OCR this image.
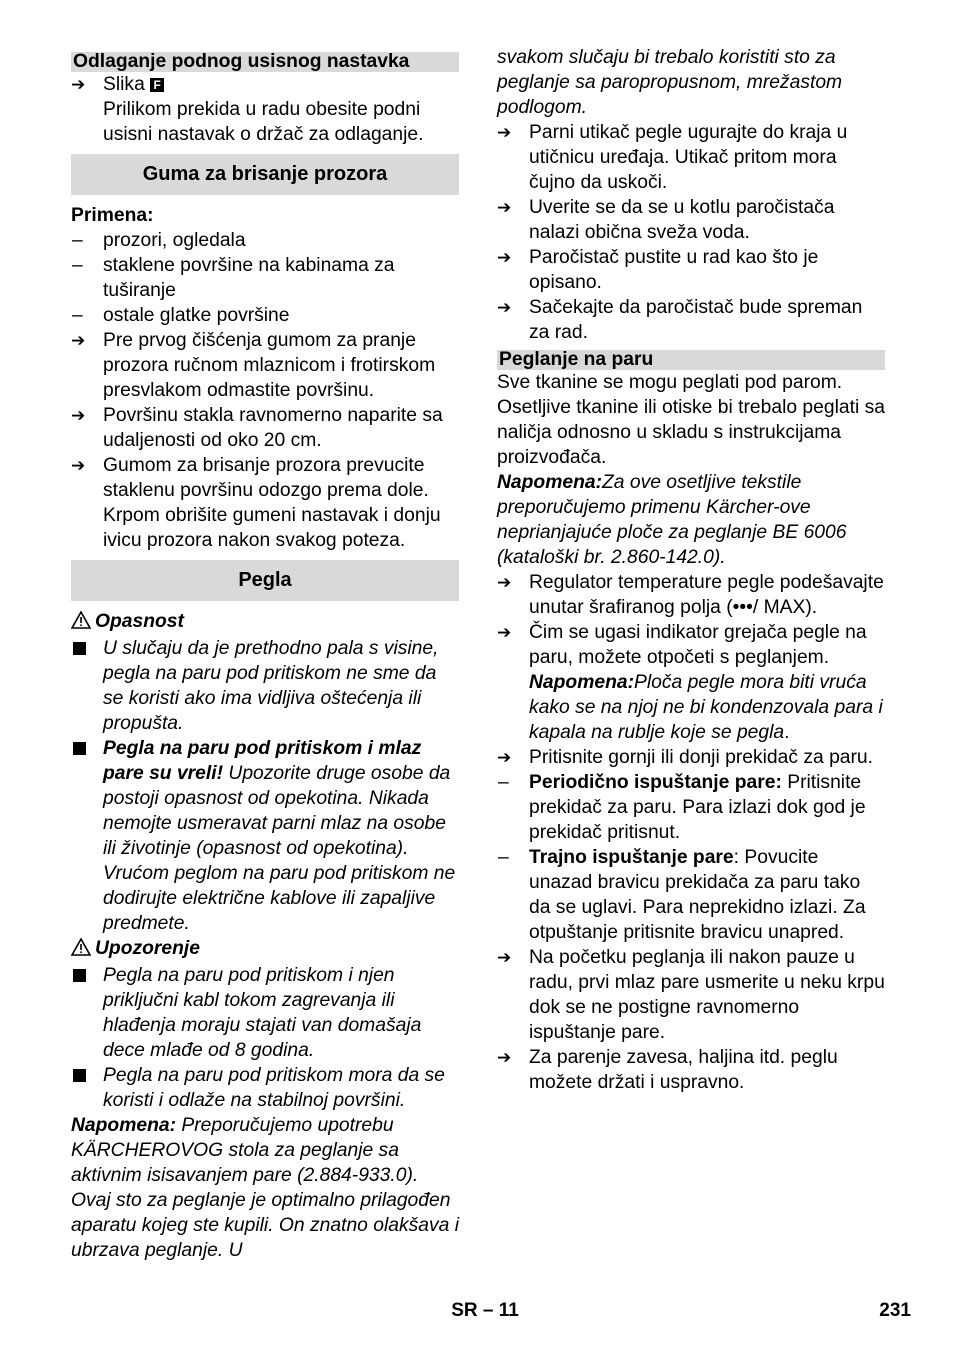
Odlaganje podnog usisnog nastavka
➔ Slika F

Prilikom prekida u radu obesite podni usisni nastavak o držač za odlaganje.

Guma za brisanje prozora

Primena:

–	prozori, ogledala
–	staklene površine na kabinama za tuširanje
–	ostale glatke površine
➔ Pre prvog čišćenja gumom za pranje prozora ručnom mlaznicom i frotirskom presvlakom odmastite površinu.
➔ Površinu stakla ravnomerno naparite sa udaljenosti od oko 20 cm.
➔ Gumom za brisanje prozora prevucite staklenu površinu odozgo prema dole. Krpom obrišite gumeni nastavak i donju ivicu prozora nakon svakog poteza.
Pegla

Opasnost

U slučaju da je prethodno pala s visine, pegla na paru pod pritiskom ne sme da se koristi ako ima vidljiva oštećenja ili propušta.
Pegla na paru pod pritiskom i mlaz pare su vreli! Upozorite druge osobe da postoji opasnost od opekotina. Nikada nemojte usmeravat parni mlaz na osobe ili životinje (opasnost od opekotina). Vrućom peglom na paru pod pritiskom ne dodirujte električne kablove ili zapaljive predmete.

Upozorenje

Pegla na paru pod pritiskom i njen priključni kabl tokom zagrevanja ili hlađenja moraju stajati van domašaja dece mlađe od 8 godina.
Pegla na paru pod pritiskom mora da se koristi i odlaže na stabilnoj površini.

Napomena: Preporučujemo upotrebu KÄRCHEROVOG stola za peglanje sa aktivnim isisavanjem pare (2.884-933.0). Ovaj sto za peglanje je optimalno prilagođen aparatu kojeg ste kupili. On znatno olakšava i ubrzava peglanje. U

svakom slučaju bi trebalo koristiti sto za peglanje sa paropropusnom, mrežastom podlogom.

➔ Parni utikač pegle ugurajte do kraja u utičnicu uređaja. Utikač pritom mora čujno da uskoči.
➔ Uverite se da se u kotlu paročistača nalazi obična sveža voda.
➔ Paročistač pustite u rad kao što je opisano.
➔ Sačekajte da paročistač bude spreman za rad.
Peglanje na paru

Sve tkanine se mogu peglati pod parom. Osetljive tkanine ili otiske bi trebalo peglati sa naličja odnosno u skladu s instrukcijama proizvođača.

Napomena:Za ove osetljive tekstile preporučujemo primenu Kärcher-ove neprianjajuće ploče za peglanje BE 6006 (kataloški br. 2.860-142.0).

➔ Regulator temperature pegle podešavajte unutar šrafiranog polja (•••/ MAX).
➔ Čim se ugasi indikator grejača pegle na paru, možete otpočeti s peglanjem.
Napomena:Ploča pegle mora biti vruća kako se na njoj ne bi kondenzovala para i kapala na rublje koje se pegla.
➔ Pritisnite gornji ili donji prekidač za paru.
–	Periodično ispuštanje pare: Pritisnite prekidač za paru. Para izlazi dok god je prekidač pritisnut.
–	Trajno ispuštanje pare: Povucite unazad bravicu prekidača za paru tako da se uglavi. Para neprekidno izlazi. Za otpuštanje pritisnite bravicu unapred.
➔ Na početku peglanja ili nakon pauze u radu, prvi mlaz pare usmerite u neku krpu dok se ne postigne ravnomerno ispuštanje pare.
➔ Za parenje zavesa, haljina itd. peglu možete držati i uspravno.
SR – 11	231
